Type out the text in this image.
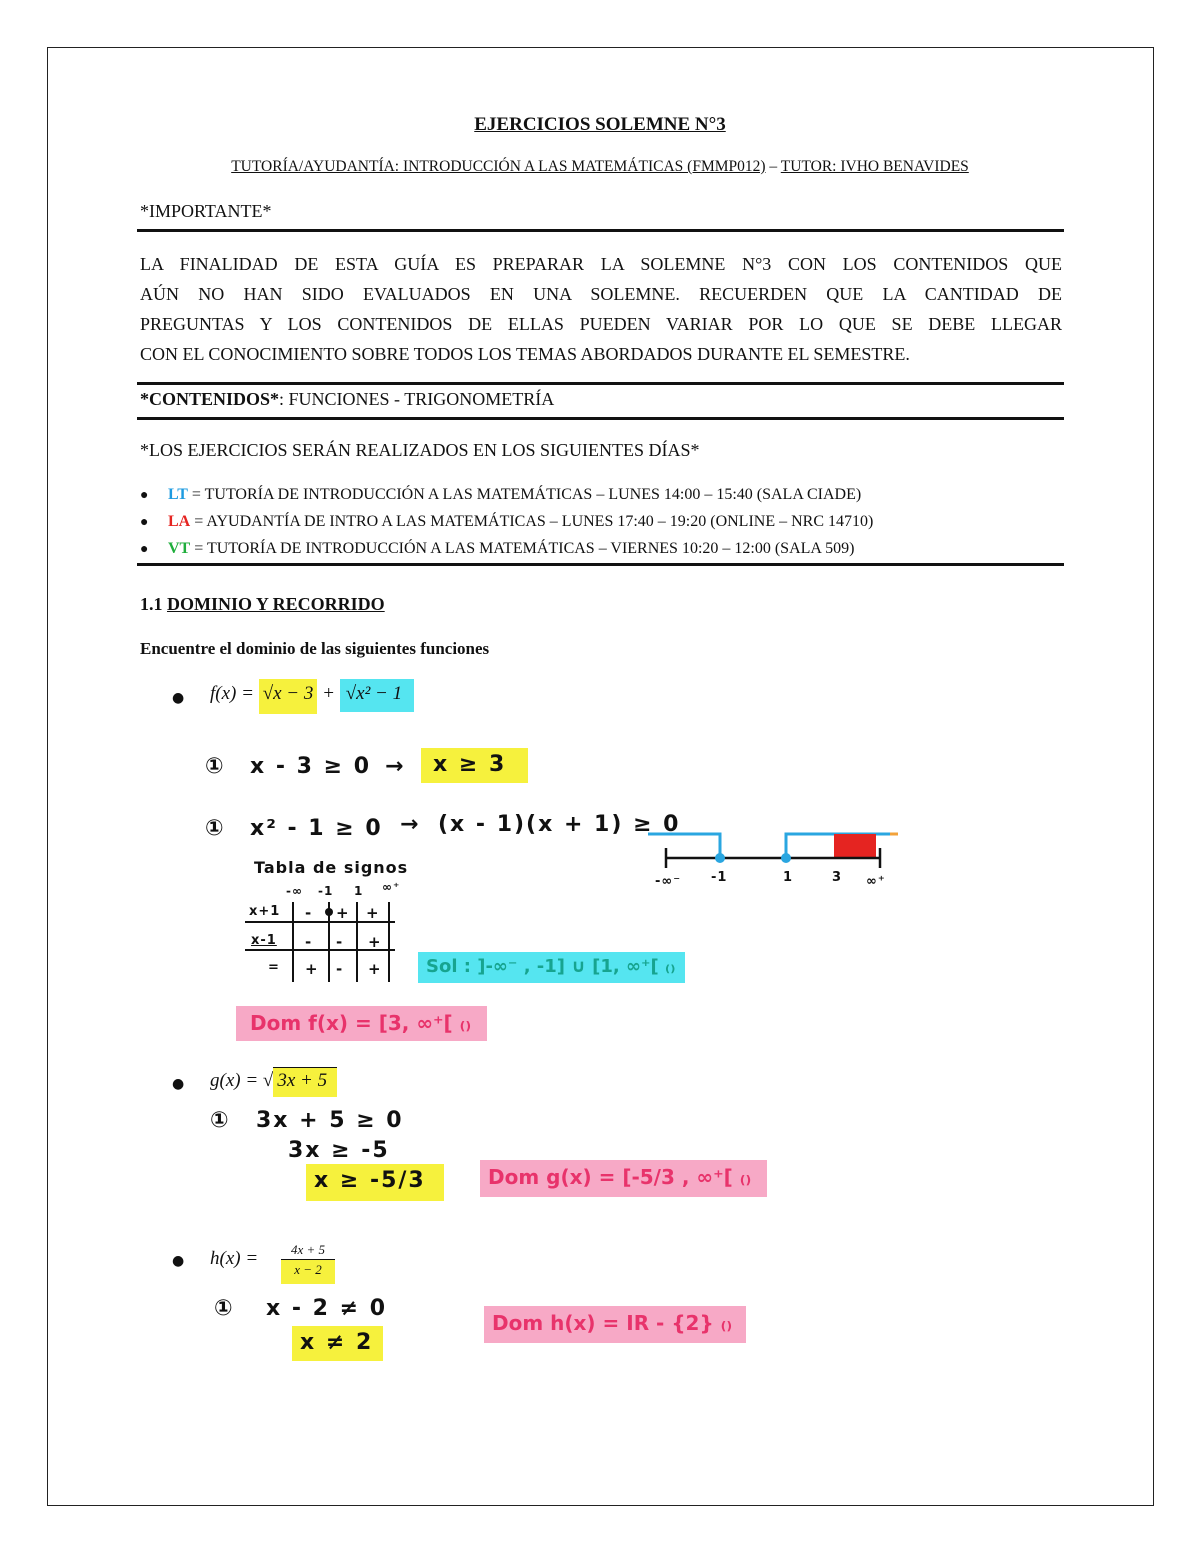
EJERCICIOS SOLEMNE N°3
TUTORÍA/AYUDANTÍA: INTRODUCCIÓN A LAS MATEMÁTICAS (FMMP012) – TUTOR: IVHO BENAVIDES
*IMPORTANTE*
LA FINALIDAD DE ESTA GUÍA ES PREPARAR LA SOLEMNE N°3 CON LOS CONTENIDOS QUE
AÚN NO HAN SIDO EVALUADOS EN UNA SOLEMNE. RECUERDEN QUE LA CANTIDAD DE
PREGUNTAS Y LOS CONTENIDOS DE ELLAS PUEDEN VARIAR POR LO QUE SE DEBE LLEGAR
CON EL CONOCIMIENTO SOBRE TODOS LOS TEMAS ABORDADOS DURANTE EL SEMESTRE.
*CONTENIDOS*: FUNCIONES - TRIGONOMETRÍA
*LOS EJERCICIOS SERÁN REALIZADOS EN LOS SIGUIENTES DÍAS*
● LT = TUTORÍA DE INTRODUCCIÓN A LAS MATEMÁTICAS – LUNES 14:00 – 15:40 (SALA CIADE)
● LA = AYUDANTÍA DE INTRO A LAS MATEMÁTICAS – LUNES 17:40 – 19:20 (ONLINE – NRC 14710)
● VT = TUTORÍA DE INTRODUCCIÓN A LAS MATEMÁTICAS – VIERNES 10:20 – 12:00 (SALA 509)
1.1 DOMINIO Y RECORRIDO
Encuentre el dominio de las siguientes funciones
● f(x) = √x − 3 + √x² − 1
① x - 3 ≥ 0 →	x ≥ 3
① x² - 1 ≥ 0 → (x - 1)(x + 1) ≥ 0
Tabla de signos
-∞ -1 1 ∞⁺
x+1 - + +
x-1 - - +
= + - +	Sol : ]-∞⁻ , -1] ∪ [1, ∞⁺[ ₍₎
-∞⁻ -1	1	3 ∞⁺
Dom f(x) = [3, ∞⁺[ ₍₎
● g(x) = √ 3x + 5
① 3x + 5 ≥ 0
3x ≥ -5
x ≥ -5/3	Dom g(x) = [-5/3 , ∞⁺[ ₍₎
● $h(x) = \frac{4x + 5}{x - 2}$
① x - 2 ≠ 0
x ≠ 2
Dom h(x) = IR - {2} ₍₎
